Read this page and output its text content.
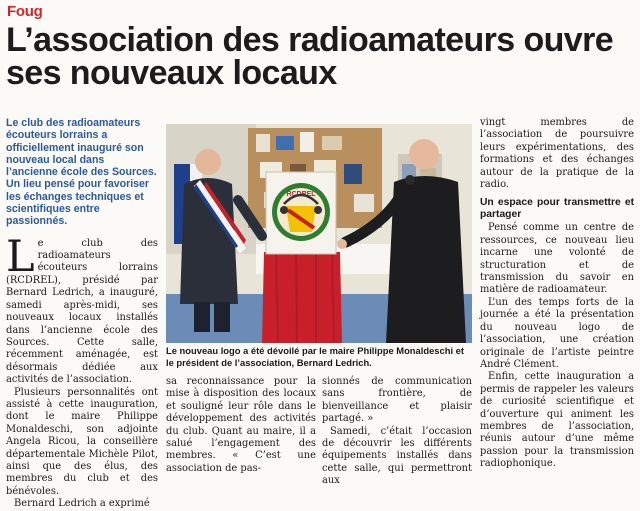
Foug
L’association des radioamateurs ouvre ses nouveaux locaux

Le club des radioamateurs écouteurs lorrains a officiellement inauguré son nouveau local dans l’ancienne école des Sources. Un lieu pensé pour favoriser les échanges techniques et scientifiques entre passionnés.

Le club des radioamateurs écouteurs lorrains (RCDREL), présidé par Bernard Ledrich, a inauguré, samedi après-midi, ses nouveaux locaux installés dans l’ancienne école des Sources. Cette salle, récemment aménagée, est désormais dédiée aux activités de l’association.

Plusieurs personnalités ont assisté à cette inauguration, dont le maire Philippe Monaldeschi, son adjointe Angela Ricou, la conseillère départementale Michèle Pilot, ainsi que des élus, des membres du club et des bénévoles.

Bernard Ledrich a exprimé

RCDREL
Le nouveau logo a été dévoilé par le maire Philippe Monaldeschi et le président de l’association, Bernard Ledrich.

sa reconnaissance pour la mise à disposition des locaux et souligné leur rôle dans le développement des activités du club. Quant au maire, il a salué l’engagement des membres. « C’est une association de pas-

sionnés de communication sans frontière, de bienveillance et plaisir partagé. »

Samedi, c’était l’occasion de découvrir les différents équipements installés dans cette salle, qui permettront aux

vingt membres de l’association de poursuivre leurs expérimentations, des formations et des échanges autour de la pratique de la radio.

Un espace pour transmettre et partager

Pensé comme un centre de ressources, ce nouveau lieu incarne une volonté de structuration et de transmission du savoir en matière de radioamateur.

L’un des temps forts de la journée a été la présentation du nouveau logo de l’association, une création originale de l’artiste peintre André Clément.

Enfin, cette inauguration a permis de rappeler les valeurs de curiosité scientifique et d’ouverture qui animent les membres de l’association, réunis autour d’une même passion pour la transmission radiophonique.
